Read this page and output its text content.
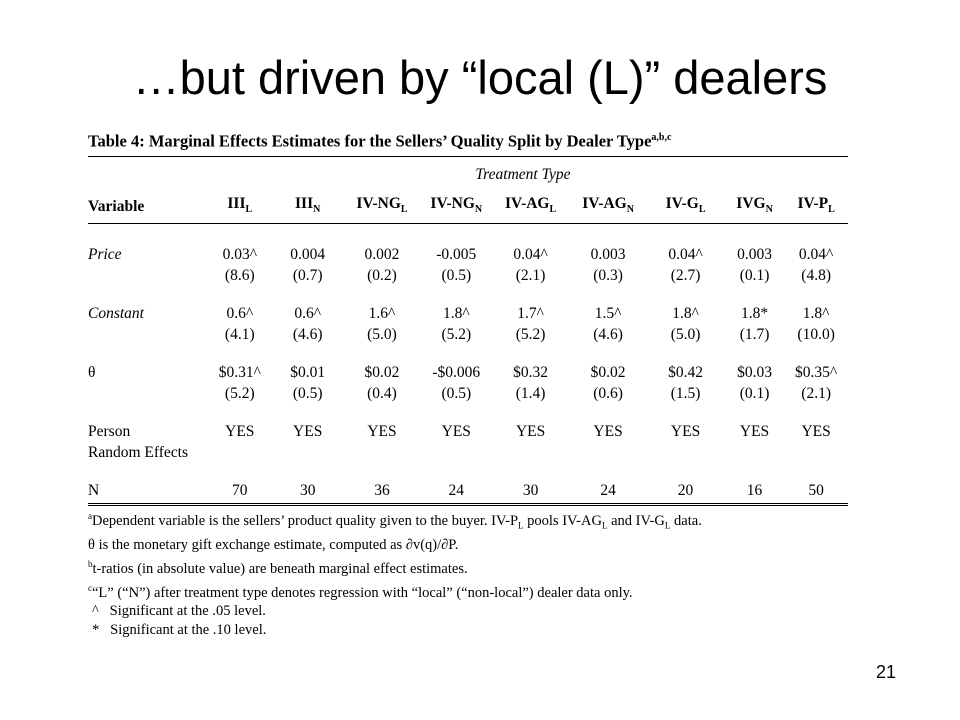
…but driven by “local (L)” dealers
Table 4: Marginal Effects Estimates for the Sellers’ Quality Split by Dealer Type$^{a,b,c}$
Treatment Type
Variable	$III_L$	$III_N$	$IV-NG_L$	$IV-NG_N$	$IV-AG_L$	$IV-AG_N$	$IV-G_L$	$IVG_N$	$IV-P_L$

Price	0.03^	0.004	0.002	-0.005	0.04^	0.003	0.04^	0.003	0.04^
	(8.6)	(0.7)	(0.2)	(0.5)	(2.1)	(0.3)	(2.7)	(0.1)	(4.8)

Constant	0.6^	0.6^	1.6^	1.8^	1.7^	1.5^	1.8^	1.8*	1.8^
	(4.1)	(4.6)	(5.0)	(5.2)	(5.2)	(4.6)	(5.0)	(1.7)	(10.0)

θ	$0.31^	$0.01	$0.02	-$0.006	$0.32	$0.02	$0.42	$0.03	$0.35^
	(5.2)	(0.5)	(0.4)	(0.5)	(1.4)	(0.6)	(1.5)	(0.1)	(2.1)

Person	YES	YES	YES	YES	YES	YES	YES	YES	YES
Random Effects									

N	70	30	36	24	30	24	20	16	50
$^a$Dependent variable is the sellers’ product quality given to the buyer. $IV-P_L$ pools $IV-AG_L$ and $IV-G_L$ data.
θ is the monetary gift exchange estimate, computed as ∂v(q)/∂P.
$^b$t-ratios (in absolute value) are beneath marginal effect estimates.
$^c$“L” (“N”) after treatment type denotes regression with “local” (“non-local”) dealer data only.
^   Significant at the .05 level.
*   Significant at the .10 level.
21
